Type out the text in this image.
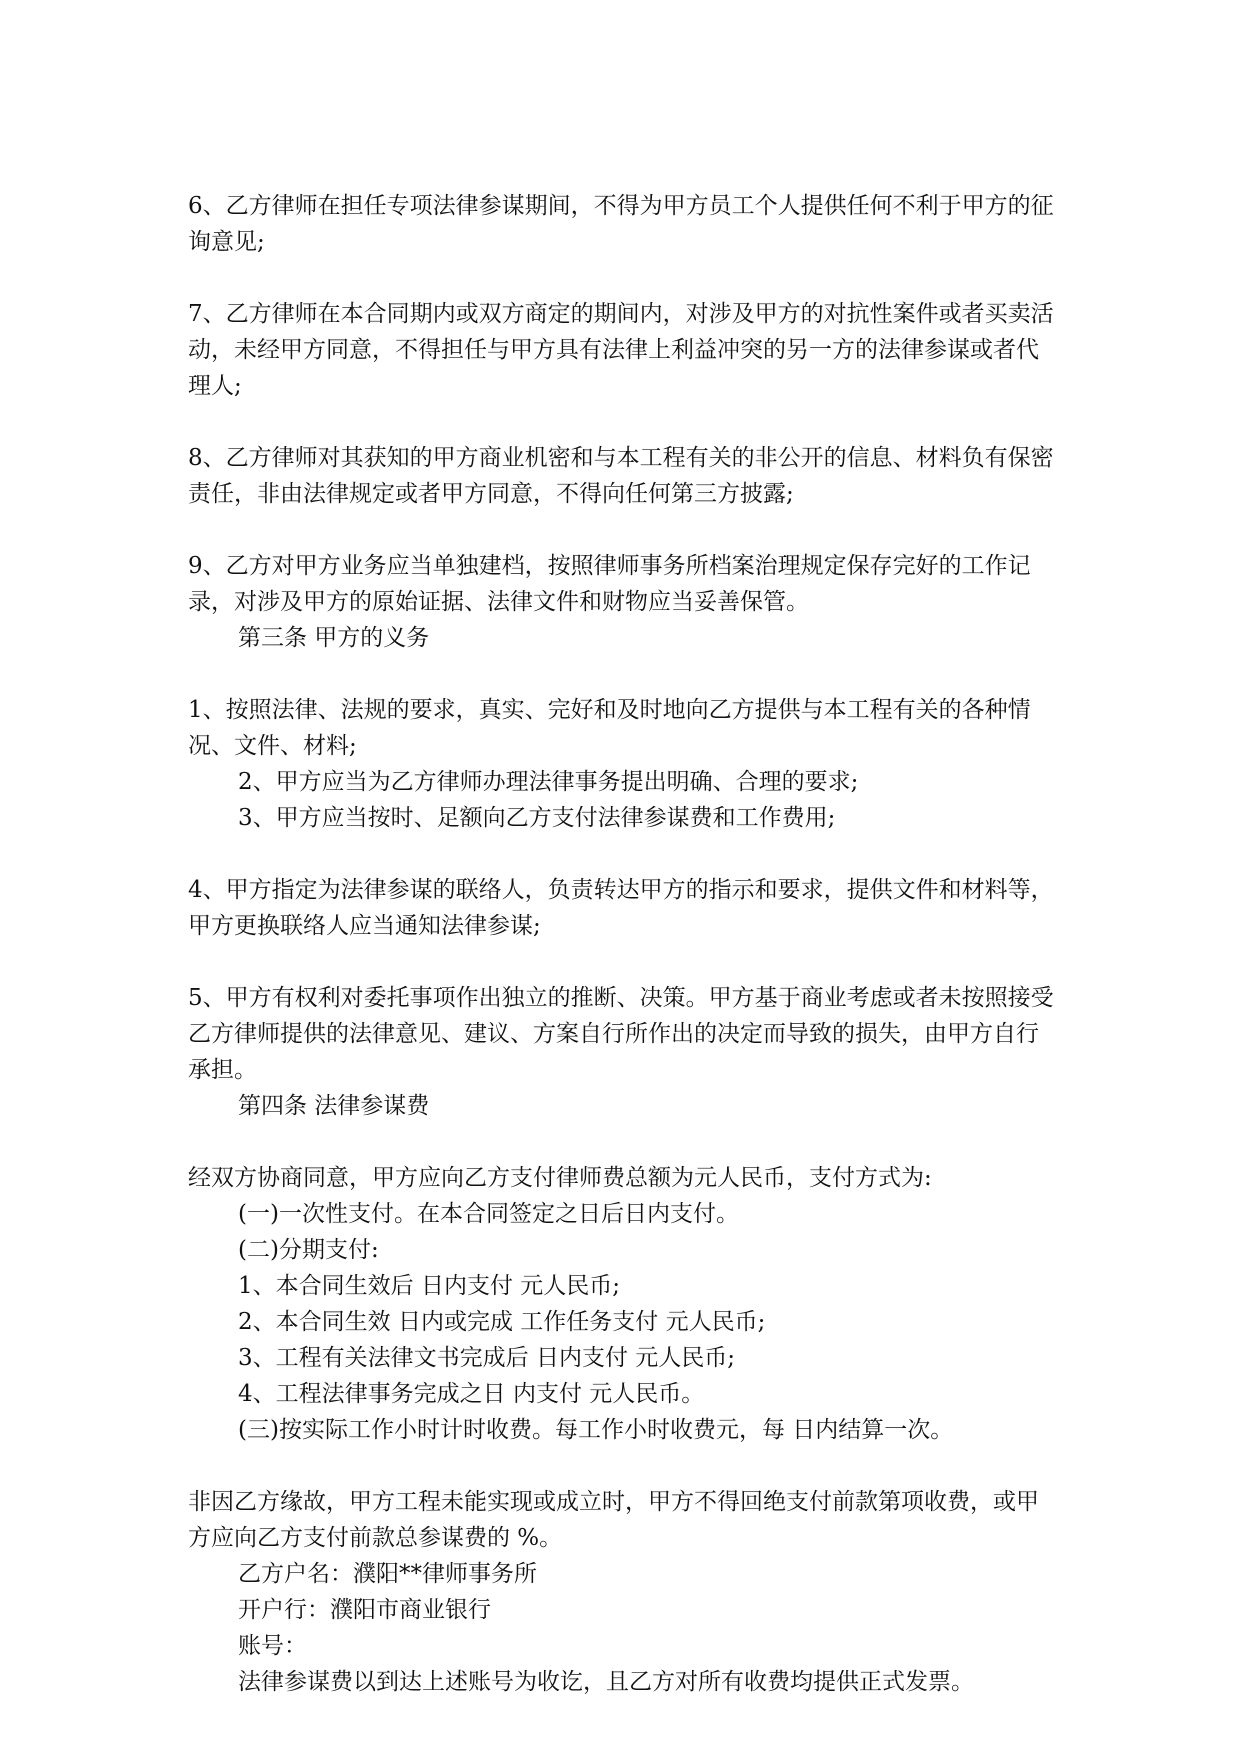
6、乙方律师在担任专项法律参谋期间，不得为甲方员工个人提供任何不利于甲方的征询意见;
7、乙方律师在本合同期内或双方商定的期间内，对涉及甲方的对抗性案件或者买卖活动，未经甲方同意，不得担任与甲方具有法律上利益冲突的另一方的法律参谋或者代理人;
8、乙方律师对其获知的甲方商业机密和与本工程有关的非公开的信息、材料负有保密责任，非由法律规定或者甲方同意，不得向任何第三方披露;
9、乙方对甲方业务应当单独建档，按照律师事务所档案治理规定保存完好的工作记录，对涉及甲方的原始证据、法律文件和财物应当妥善保管。
第三条 甲方的义务
1、按照法律、法规的要求，真实、完好和及时地向乙方提供与本工程有关的各种情况、文件、材料;
2、甲方应当为乙方律师办理法律事务提出明确、合理的要求;
3、甲方应当按时、足额向乙方支付法律参谋费和工作费用;
4、甲方指定为法律参谋的联络人，负责转达甲方的指示和要求，提供文件和材料等，甲方更换联络人应当通知法律参谋;
5、甲方有权利对委托事项作出独立的推断、决策。甲方基于商业考虑或者未按照接受乙方律师提供的法律意见、建议、方案自行所作出的决定而导致的损失，由甲方自行承担。
第四条 法律参谋费
经双方协商同意，甲方应向乙方支付律师费总额为元人民币，支付方式为:
(一)一次性支付。在本合同签定之日后日内支付。
(二)分期支付:
1、本合同生效后 日内支付 元人民币;
2、本合同生效 日内或完成 工作任务支付 元人民币;
3、工程有关法律文书完成后 日内支付 元人民币;
4、工程法律事务完成之日 内支付 元人民币。
(三)按实际工作小时计时收费。每工作小时收费元，每 日内结算一次。
非因乙方缘故，甲方工程未能实现或成立时，甲方不得回绝支付前款第项收费，或甲方应向乙方支付前款总参谋费的 %。
乙方户名：濮阳**律师事务所
开户行：濮阳市商业银行
账号：
法律参谋费以到达上述账号为收讫，且乙方对所有收费均提供正式发票。
